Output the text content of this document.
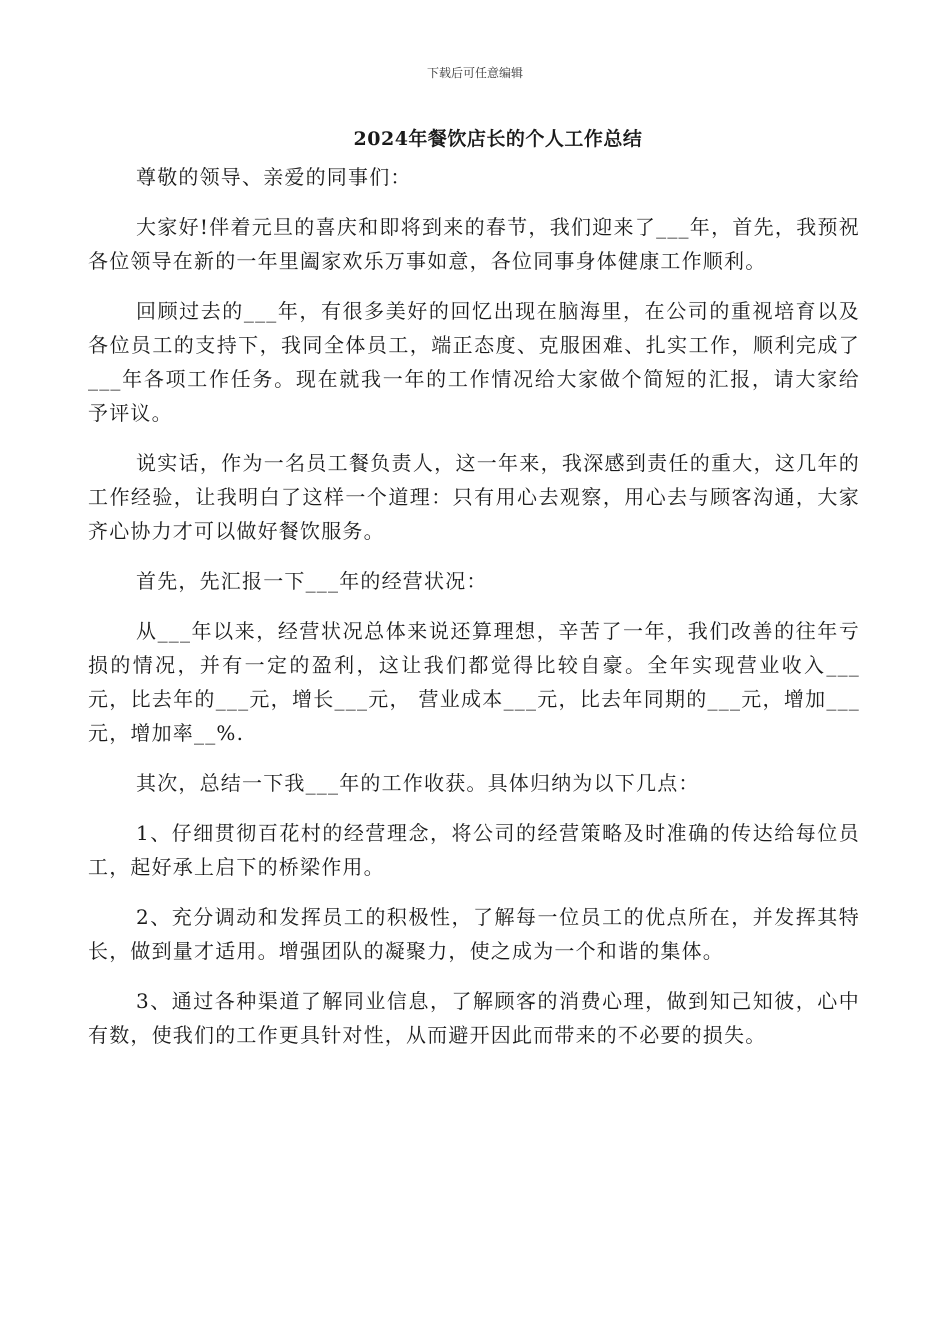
下载后可任意编辑
2024年餐饮店长的个人工作总结

尊敬的领导、亲爱的同事们：

大家好!伴着元旦的喜庆和即将到来的春节，我们迎来了___年，首先，我预祝各位领导在新的一年里阖家欢乐万事如意，各位同事身体健康工作顺利。

回顾过去的___年，有很多美好的回忆出现在脑海里，在公司的重视培育以及各位员工的支持下，我同全体员工，端正态度、克服困难、扎实工作，顺利完成了___年各项工作任务。现在就我一年的工作情况给大家做个简短的汇报，请大家给予评议。

说实话，作为一名员工餐负责人，这一年来，我深感到责任的重大，这几年的工作经验，让我明白了这样一个道理：只有用心去观察，用心去与顾客沟通，大家齐心协力才可以做好餐饮服务。

首先，先汇报一下___年的经营状况：

从___年以来，经营状况总体来说还算理想，辛苦了一年，我们改善的往年亏损的情况，并有一定的盈利，这让我们都觉得比较自豪。全年实现营业收入___元，比去年的___元，增长___元， 营业成本___元，比去年同期的___元，增加___元，增加率__%.

其次，总结一下我___年的工作收获。具体归纳为以下几点：

1、仔细贯彻百花村的经营理念，将公司的经营策略及时准确的传达给每位员工，起好承上启下的桥梁作用。

2、充分调动和发挥员工的积极性，了解每一位员工的优点所在，并发挥其特长，做到量才适用。增强团队的凝聚力，使之成为一个和谐的集体。

3、通过各种渠道了解同业信息，了解顾客的消费心理，做到知己知彼，心中有数，使我们的工作更具针对性，从而避开因此而带来的不必要的损失。
